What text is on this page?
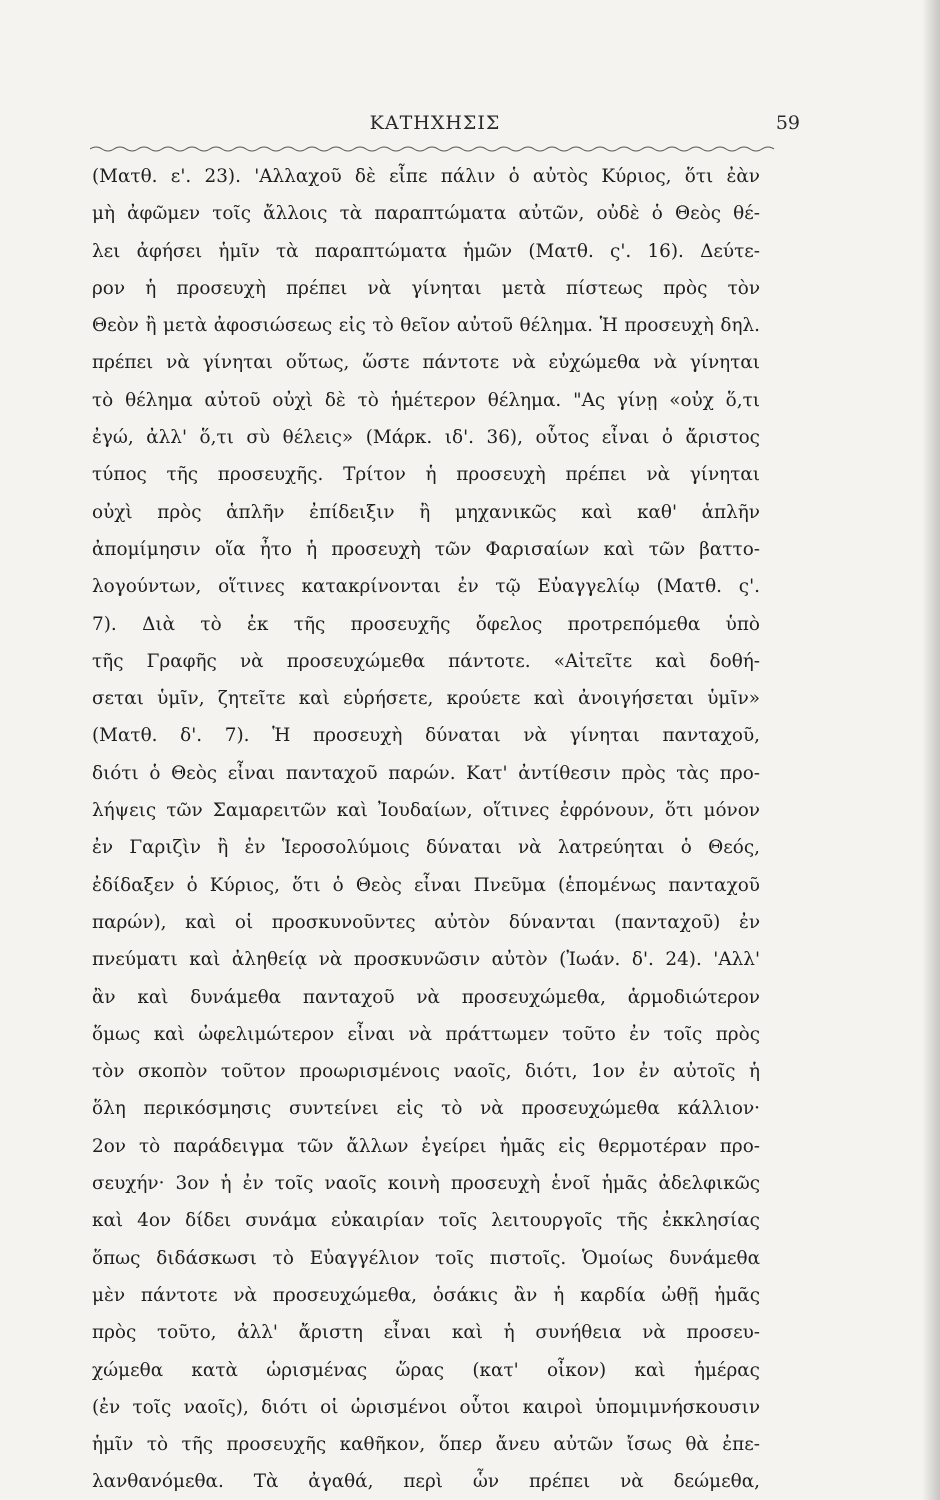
ΚΑΤΗΧΗΣΙΣ	59
(Ματθ. ε'. 23). 'Αλλαχοῦ δὲ εἶπε πάλιν ὁ αὐτὸς Κύριος, ὅτι ἐὰν
μὴ ἀφῶμεν τοῖς ἄλλοις τὰ παραπτώματα αὐτῶν, οὐδὲ ὁ Θεὸς θέ-
λει ἀφήσει ἡμῖν τὰ παραπτώματα ἡμῶν (Ματθ. ς'. 16). Δεύτε-
ρον ἡ προσευχὴ πρέπει νὰ γίνηται μετὰ πίστεως πρὸς τὸν
Θεὸν ἢ μετὰ ἀφοσιώσεως εἰς τὸ θεῖον αὐτοῦ θέλημα. Ἡ προσευχὴ δηλ.
πρέπει νὰ γίνηται οὕτως, ὥστε πάντοτε νὰ εὐχώμεθα νὰ γίνηται
τὸ θέλημα αὐτοῦ οὐχὶ δὲ τὸ ἡμέτερον θέλημα. "Ας γίνῃ «οὐχ ὅ,τι
ἐγώ, ἀλλ' ὅ,τι σὺ θέλεις» (Μάρκ. ιδ'. 36), οὗτος εἶναι ὁ ἄριστος
τύπος τῆς προσευχῆς. Τρίτον ἡ προσευχὴ πρέπει νὰ γίνηται
οὐχὶ πρὸς ἁπλῆν ἐπίδειξιν ἢ μηχανικῶς καὶ καθ' ἁπλῆν
ἀπομίμησιν οἵα ἦτο ἡ προσευχὴ τῶν Φαρισαίων καὶ τῶν βαττο-
λογούντων, οἵτινες κατακρίνονται ἐν τῷ Εὐαγγελίῳ (Ματθ. ς'.
7). Διὰ τὸ ἐκ τῆς προσευχῆς ὄφελος προτρεπόμεθα ὑπὸ
τῆς Γραφῆς νὰ προσευχώμεθα πάντοτε. «Αἰτεῖτε καὶ δοθή-
σεται ὑμῖν, ζητεῖτε καὶ εὑρήσετε, κρούετε καὶ ἀνοιγήσεται ὑμῖν»
(Ματθ. δ'. 7). Ἡ προσευχὴ δύναται νὰ γίνηται πανταχοῦ,
διότι ὁ Θεὸς εἶναι πανταχοῦ παρών. Κατ' ἀντίθεσιν πρὸς τὰς προ-
λήψεις τῶν Σαμαρειτῶν καὶ Ἰουδαίων, οἵτινες ἐφρόνουν, ὅτι μόνον
ἐν Γαριζὶν ἢ ἐν Ἱεροσολύμοις δύναται νὰ λατρεύηται ὁ Θεός,
ἐδίδαξεν ὁ Κύριος, ὅτι ὁ Θεὸς εἶναι Πνεῦμα (ἑπομένως πανταχοῦ
παρών), καὶ οἱ προσκυνοῦντες αὐτὸν δύνανται (πανταχοῦ) ἐν
πνεύματι καὶ ἀληθείᾳ νὰ προσκυνῶσιν αὐτὸν (Ἰωάν. δ'. 24). 'Αλλ'
ἂν καὶ δυνάμεθα πανταχοῦ νὰ προσευχώμεθα, ἁρμοδιώτερον
ὅμως καὶ ὠφελιμώτερον εἶναι νὰ πράττωμεν τοῦτο ἐν τοῖς πρὸς
τὸν σκοπὸν τοῦτον προωρισμένοις ναοῖς, διότι, 1ον ἐν αὐτοῖς ἡ
ὅλη περικόσμησις συντείνει εἰς τὸ νὰ προσευχώμεθα κάλλιον·
2ον τὸ παράδειγμα τῶν ἄλλων ἐγείρει ἡμᾶς εἰς θερμοτέραν προ-
σευχήν· 3ον ἡ ἐν τοῖς ναοῖς κοινὴ προσευχὴ ἑνοῖ ἡμᾶς ἀδελφικῶς
καὶ 4ον δίδει συνάμα εὐκαιρίαν τοῖς λειτουργοῖς τῆς ἐκκλησίας
ὅπως διδάσκωσι τὸ Εὐαγγέλιον τοῖς πιστοῖς. Ὁμοίως δυνάμεθα
μὲν πάντοτε νὰ προσευχώμεθα, ὁσάκις ἂν ἡ καρδία ὠθῇ ἡμᾶς
πρὸς τοῦτο, ἀλλ' ἄριστη εἶναι καὶ ἡ συνήθεια νὰ προσευ-
χώμεθα κατὰ ὡρισμένας ὥρας (κατ' οἶκον) καὶ ἡμέρας
(ἐν τοῖς ναοῖς), διότι οἱ ὡρισμένοι οὗτοι καιροὶ ὑπομιμνήσκουσιν
ἡμῖν τὸ τῆς προσευχῆς καθῆκον, ὅπερ ἄνευ αὐτῶν ἴσως θὰ ἐπε-
λανθανόμεθα. Τὰ ἀγαθά, περὶ ὧν πρέπει νὰ δεώμεθα,
